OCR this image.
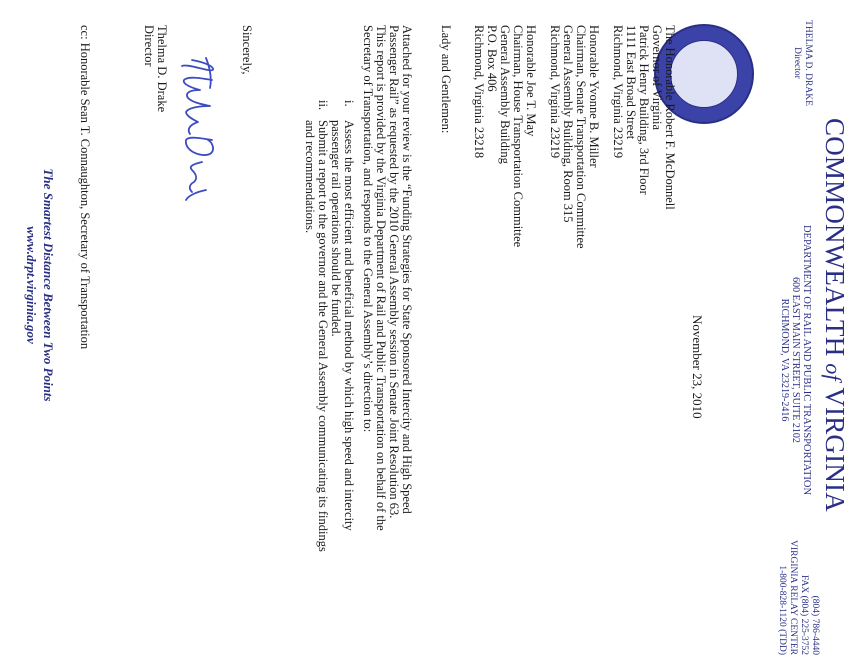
COMMONWEALTH of VIRGINIA
DEPARTMENT OF RAIL AND PUBLIC TRANSPORTATION
600 EAST MAIN STREET, SUITE 2102
RICHMOND, VA 23219-2416
THELMA D. DRAKE
Director
(804) 786-4440
FAX (804) 225-3752
VIRGINIA RELAY CENTER
1-800-828-1120 (TDD)
November 23, 2010
The Honorable Robert F. McDonnell
Governor of Virginia
Patrick Henry Building, 3rd Floor
1111 East Broad Street
Richmond, Virginia 23219
Honorable Yvonne B. Miller
Chairman, Senate Transportation Committee
General Assembly Building, Room 315
Richmond, Virginia 23219
Honorable Joe T. May
Chairman, House Transportation Committee
General Assembly Building
P.O. Box 406
Richmond, Virginia 23218
Lady and Gentlemen:
Attached for your review is the “Funding Strategies for State Sponsored Intercity and High Speed
Passenger Rail” as requested by the 2010 General Assembly session in Senate Joint Resolution 63.
This report is provided by the Virginia Department of Rail and Public Transportation on behalf of the
Secretary of Transportation, and responds to the General Assembly’s direction to:
i.Assess the most efficient and beneficial method by which high speed and intercity
passenger rail operations should be funded.
ii.Submit a report to the governor and the General Assembly communicating its findings
and recommendations.
Sincerely,
Thelma D. Drake
Director
cc: Honorable Sean T. Connaughton, Secretary of Transportation
The Smartest Distance Between Two Points
www.drpt.virginia.gov
